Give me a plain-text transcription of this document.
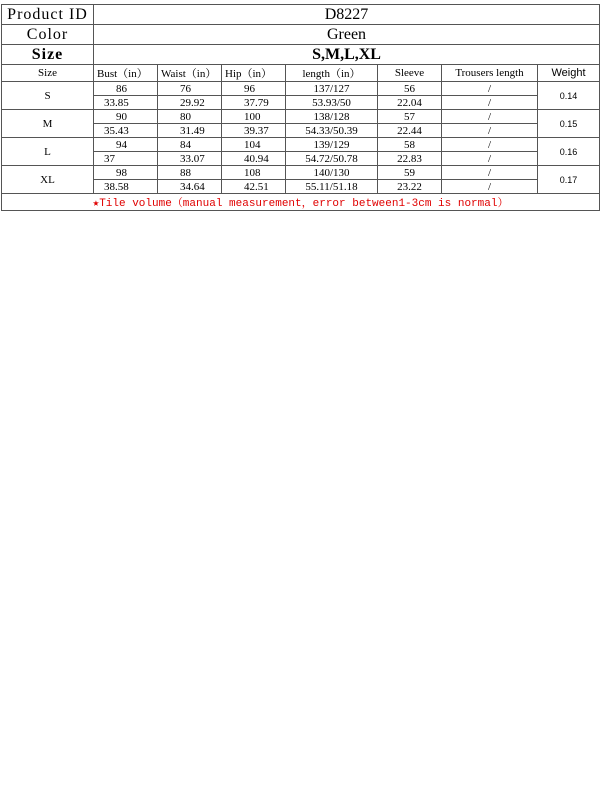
Product ID	D8227						
Color	Green						
Size	S,M,L,XL						
Size	Bust（in）	Waist（in）	Hip（in）	length（in）	Sleeve	Trousers length	Weight
S	86	76	96	137/127	56	/	0.14
	33.85	29.92	37.79	53.93/50	22.04	/	
M	90	80	100	138/128	57	/	0.15
	35.43	31.49	39.37	54.33/50.39	22.44	/	
L	94	84	104	139/129	58	/	0.16
	37	33.07	40.94	54.72/50.78	22.83	/	
XL	98	88	108	140/130	59	/	0.17
	38.58	34.64	42.51	55.11/51.18	23.22	/	
★Tile volume（manual measurement，error between1-3cm is normal）							
